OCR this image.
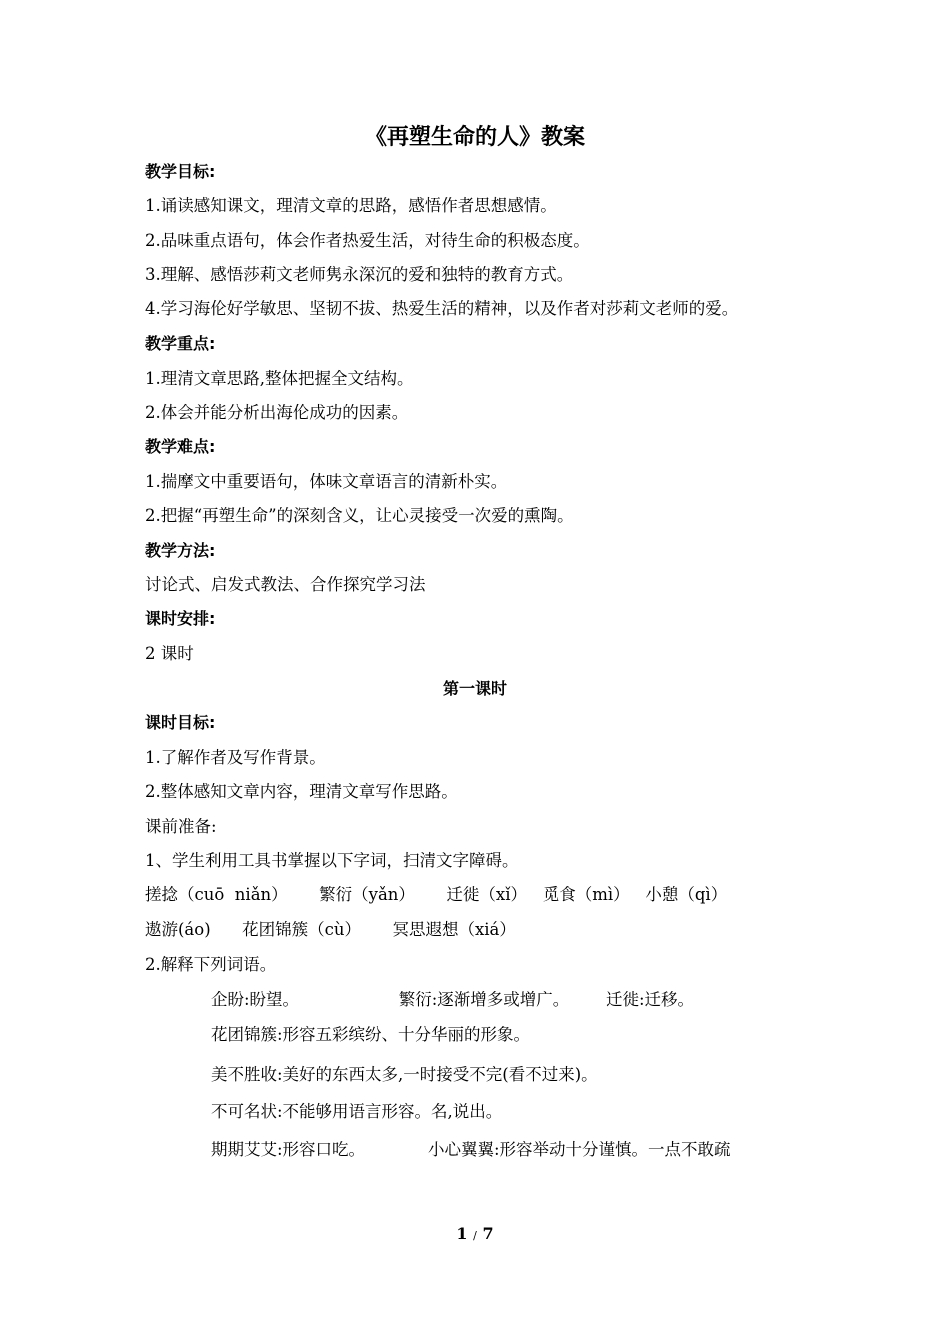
《再塑生命的人》教案
教学目标:
1.诵读感知课文，理清文章的思路，感悟作者思想感情。
2.品味重点语句，体会作者热爱生活，对待生命的积极态度。
3.理解、感悟莎莉文老师隽永深沉的爱和独特的教育方式。
4.学习海伦好学敏思、坚韧不拔、热爱生活的精神，以及作者对莎莉文老师的爱。
教学重点:
1.理清文章思路,整体把握全文结构。
2.体会并能分析出海伦成功的因素。
教学难点:
1.揣摩文中重要语句，体味文章语言的清新朴实。
2.把握“再塑生命”的深刻含义，让心灵接受一次爱的熏陶。
教学方法:
讨论式、启发式教法、合作探究学习法
课时安排:
2 课时
第一课时
课时目标:
1.了解作者及写作背景。
2.整体感知文章内容，理清文章写作思路。
课前准备:
1、学生利用工具书掌握以下字词，扫清文字障碍。
搓捻（cuō  niǎn）      繁衍（yǎn）      迁徙（xǐ）   觅食（mì）   小憩（qì）
遨游(áo)      花团锦簇（cù）      冥思遐想（xiá）
2.解释下列词语。
企盼:盼望。                   繁衍:逐渐增多或增广。       迁徙:迁移。
花团锦簇:形容五彩缤纷、十分华丽的形象。
美不胜收:美好的东西太多,一时接受不完(看不过来)。
不可名状:不能够用语言形容。名,说出。
期期艾艾:形容口吃。            小心翼翼:形容举动十分谨慎。一点不敢疏
1 / 7
